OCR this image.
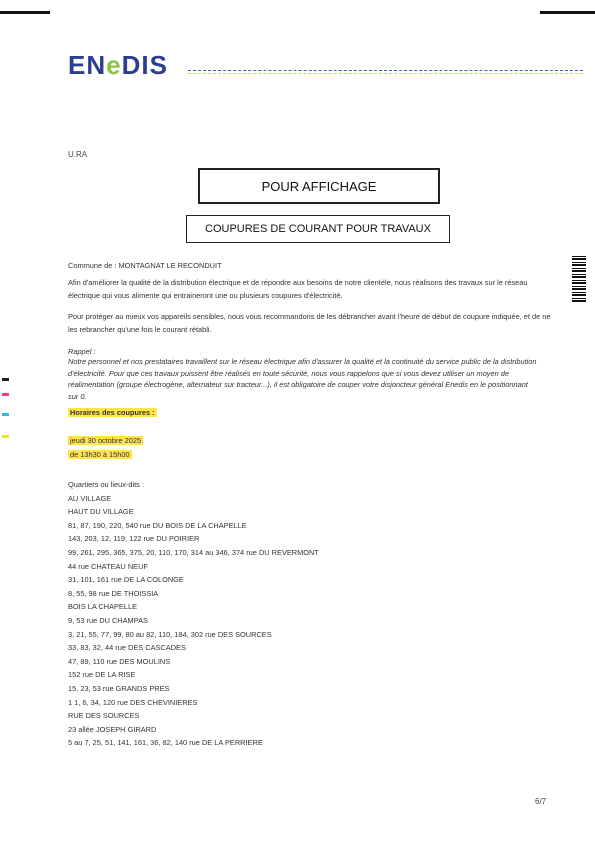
ENeDIS
U.RA
POUR AFFICHAGE
COUPURES DE COURANT POUR TRAVAUX
Commune de : MONTAGNAT LE RECONDUIT
Afin d'améliorer la qualité de la distribution électrique et de répondre aux besoins de notre clientèle, nous réalisons des travaux sur le réseau électrique qui vous alimente qui entraineront une ou plusieurs coupures d'électricité.
Pour protéger au mieux vos appareils sensibles, nous vous recommandons de les débrancher avant l'heure de début de coupure indiquée, et de ne les rebrancher qu'une fois le courant rétabli.
Rappel :
Notre personnel et nos prestataires travaillent sur le réseau électrique afin d'assurer la qualité et la continuité du service public de la distribution d'électricité. Pour que ces travaux puissent être réalisés en toute sécurité, nous vous rappelons que si vous devez utiliser un moyen de réalimentation (groupe électrogène, alternateur sur tracteur...), il est obligatoire de couper votre disjoncteur général Enedis en le positionnant sur 0.
Horaires des coupures :
jeudi 30 octobre 2025
de 13h30 à 15h00
Quartiers ou lieux-dits :
AU VILLAGE
HAUT DU VILLAGE
81, 87, 190, 220, 540 rue DU BOIS DE LA CHAPELLE
143, 203, 12, 119, 122 rue DU POIRIER
99, 261, 295, 365, 375, 20, 110, 170, 314 au 346, 374 rue DU REVERMONT
44 rue CHATEAU NEUF
31, 101, 161 rue DE LA COLONGE
8, 55, 98 rue DE THOISSIA
BOIS LA CHAPELLE
9, 53 rue DU CHAMPAS
3, 21, 55, 77, 99, 80 au 82, 110, 184, 302 rue DES SOURCES
33, 83, 32, 44 rue DES CASCADES
47, 89, 110 rue DES MOULINS
152 rue DE LA RISE
15, 23, 53 rue GRANDS PRES
1 1, 6, 34, 120 rue DES CHEVINIERES
RUE DES SOURCES
23 allée JOSEPH GIRARD
5 au 7, 25, 51, 141, 161, 36, 82, 140 rue DE LA PERRIERE
6/7
